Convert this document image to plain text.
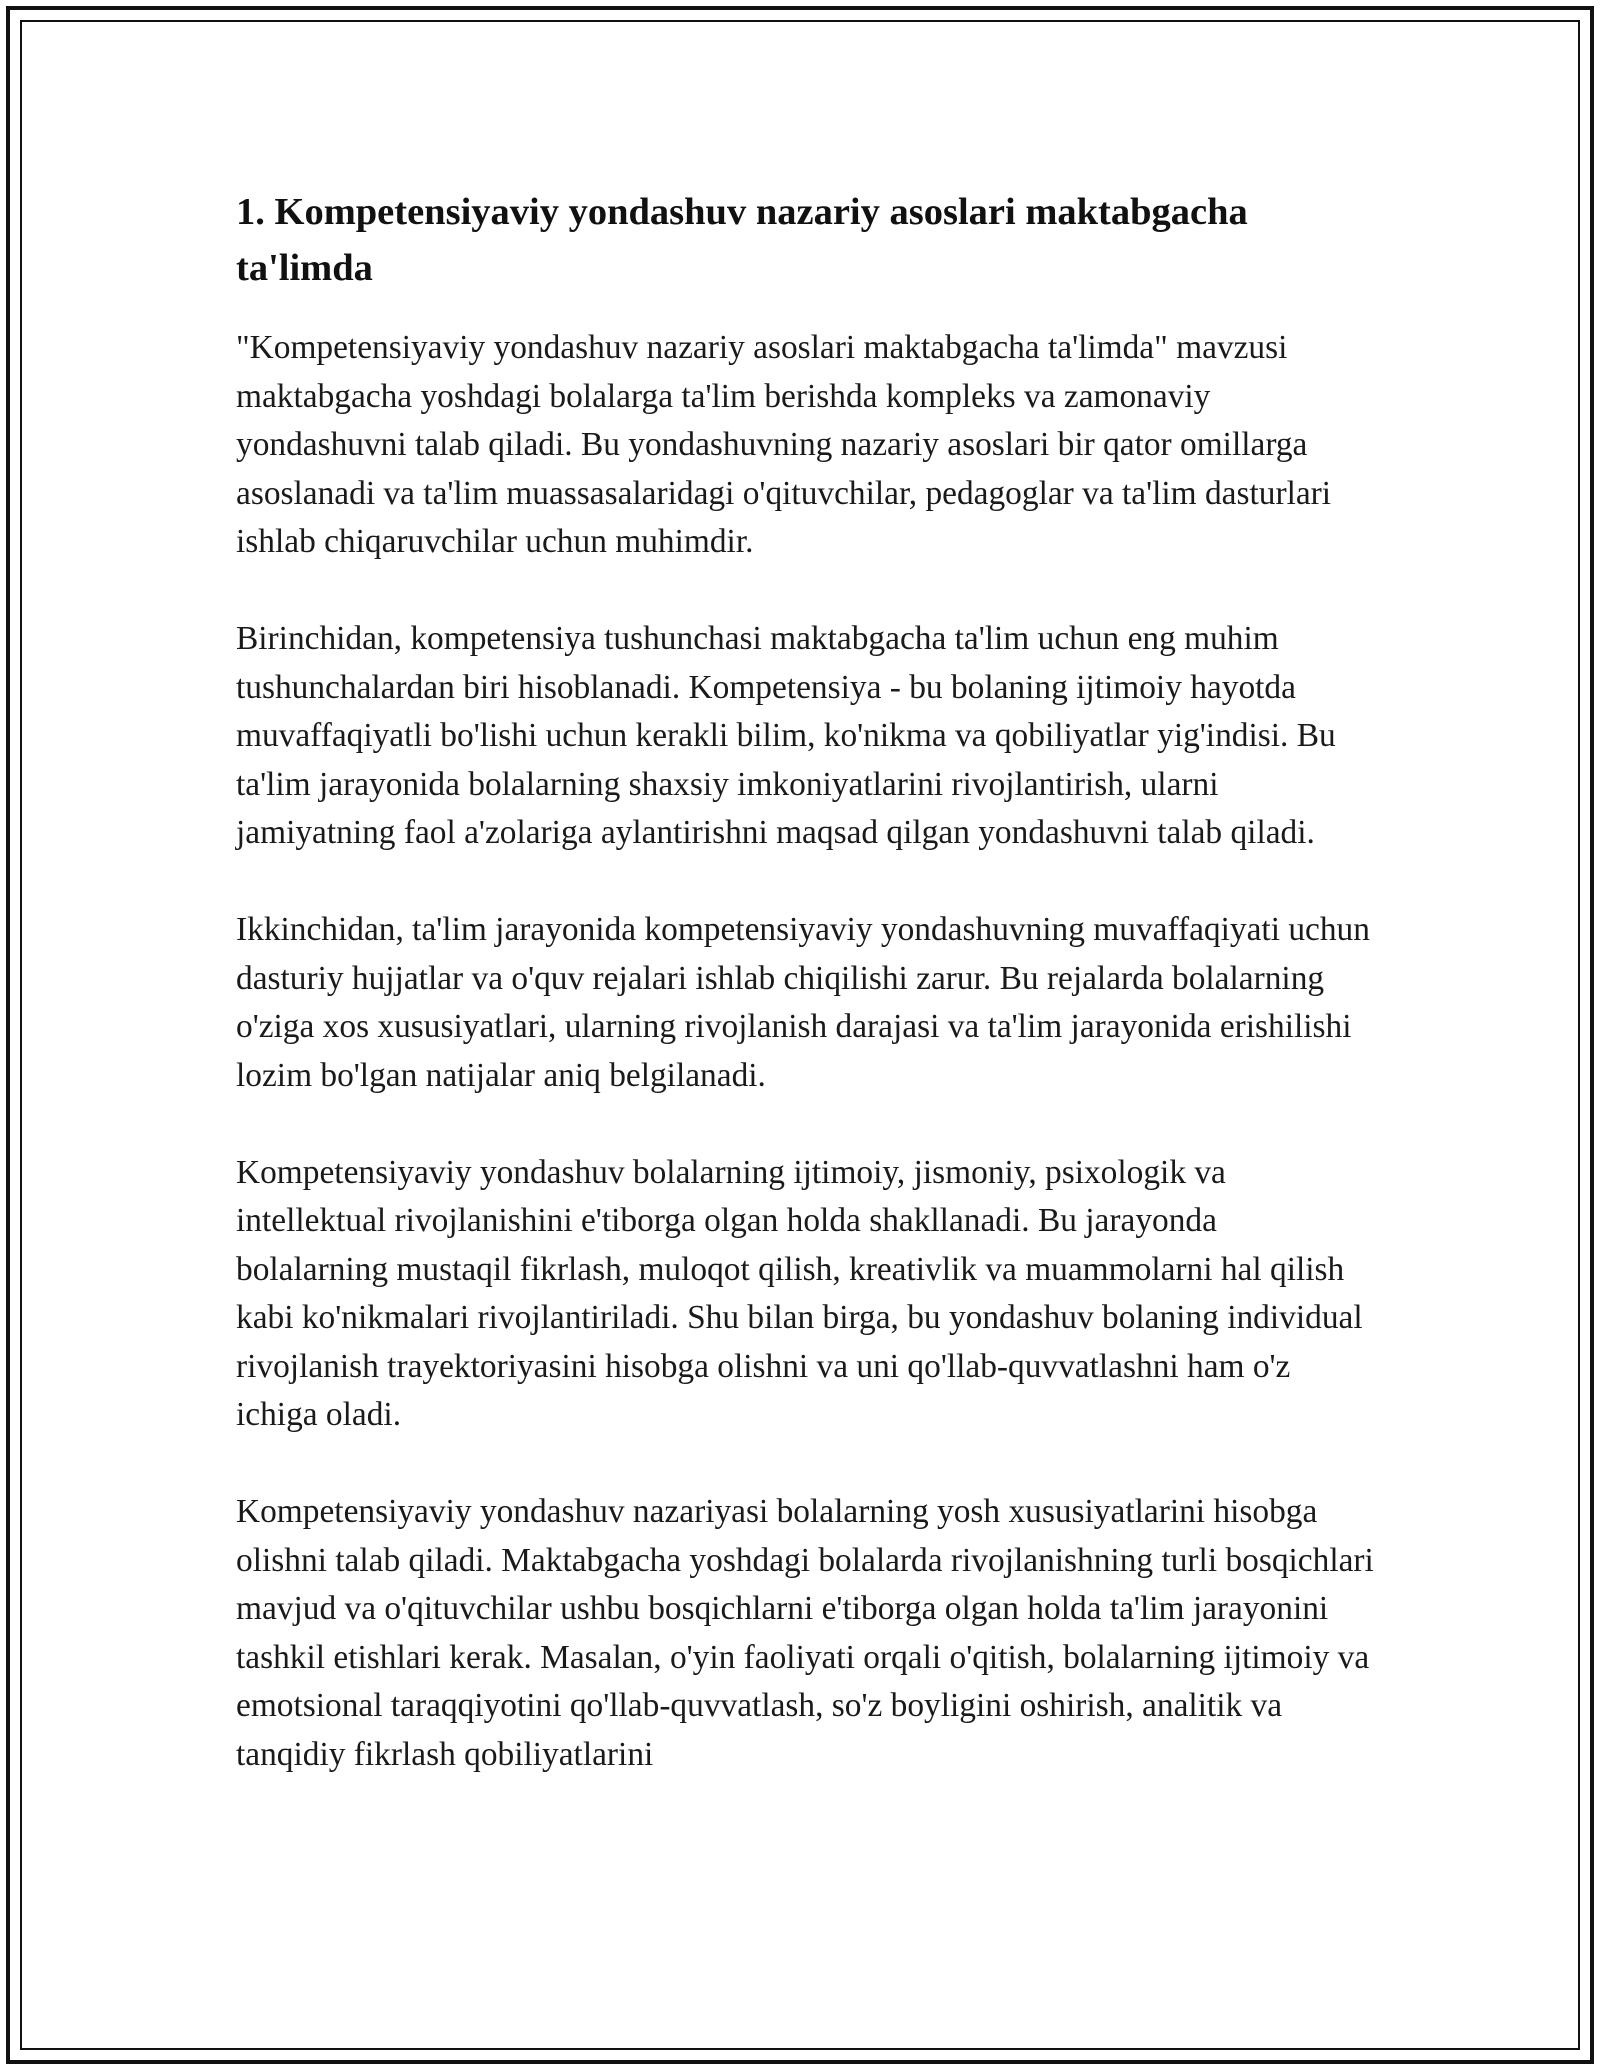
1. Kompetensiyaviy yondashuv nazariy asoslari maktabgacha ta'limda

"Kompetensiyaviy yondashuv nazariy asoslari maktabgacha ta'limda" mavzusi maktabgacha yoshdagi bolalarga ta'lim berishda kompleks va zamonaviy yondashuvni talab qiladi. Bu yondashuvning nazariy asoslari bir qator omillarga asoslanadi va ta'lim muassasalaridagi o'qituvchilar, pedagoglar va ta'lim dasturlari ishlab chiqaruvchilar uchun muhimdir.

Birinchidan, kompetensiya tushunchasi maktabgacha ta'lim uchun eng muhim tushunchalardan biri hisoblanadi. Kompetensiya - bu bolaning ijtimoiy hayotda muvaffaqiyatli bo'lishi uchun kerakli bilim, ko'nikma va qobiliyatlar yig'indisi. Bu ta'lim jarayonida bolalarning shaxsiy imkoniyatlarini rivojlantirish, ularni jamiyatning faol a'zolariga aylantirishni maqsad qilgan yondashuvni talab qiladi.

Ikkinchidan, ta'lim jarayonida kompetensiyaviy yondashuvning muvaffaqiyati uchun dasturiy hujjatlar va o'quv rejalari ishlab chiqilishi zarur. Bu rejalarda bolalarning o'ziga xos xususiyatlari, ularning rivojlanish darajasi va ta'lim jarayonida erishilishi lozim bo'lgan natijalar aniq belgilanadi.

Kompetensiyaviy yondashuv bolalarning ijtimoiy, jismoniy, psixologik va intellektual rivojlanishini e'tiborga olgan holda shakllanadi. Bu jarayonda bolalarning mustaqil fikrlash, muloqot qilish, kreativlik va muammolarni hal qilish kabi ko'nikmalari rivojlantiriladi. Shu bilan birga, bu yondashuv bolaning individual rivojlanish trayektoriyasini hisobga olishni va uni qo'llab-quvvatlashni ham o'z ichiga oladi.

Kompetensiyaviy yondashuv nazariyasi bolalarning yosh xususiyatlarini hisobga olishni talab qiladi. Maktabgacha yoshdagi bolalarda rivojlanishning turli bosqichlari mavjud va o'qituvchilar ushbu bosqichlarni e'tiborga olgan holda ta'lim jarayonini tashkil etishlari kerak. Masalan, o'yin faoliyati orqali o'qitish, bolalarning ijtimoiy va emotsional taraqqiyotini qo'llab-quvvatlash, so'z boyligini oshirish, analitik va tanqidiy fikrlash qobiliyatlarini
